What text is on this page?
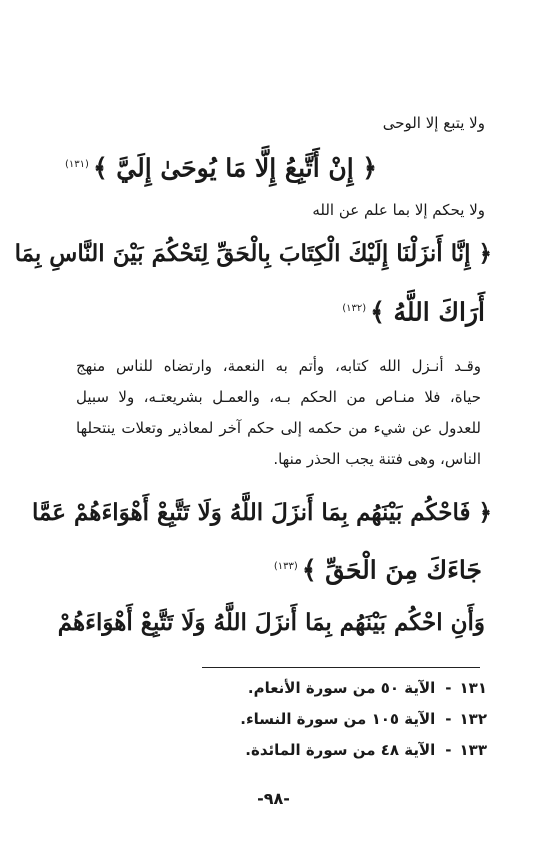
ولا يتبع إلا الوحى

﴿ إِنْ أَتَّبِعُ إِلَّا مَا يُوحَىٰ إِلَيَّ ﴾$^{(١٣١)}$

ولا يحكم إلا بما علم عن الله

﴿ إِنَّا أَنزَلْنَا إِلَيْكَ الْكِتَابَ بِالْحَقِّ لِتَحْكُمَ بَيْنَ النَّاسِ بِمَا

أَرَاكَ اللَّهُ ﴾$^{(١٣٢)}$

وقـد أنـزل الله كتابه، وأتم به النعمة، وارتضاه للناس منهج

حياة، فلا منـاص من الحكم بـه، والعمـل بشريعتـه، ولا سبيل

للعدول عن شيء من حكمه إلى حكم آخر لمعاذير وتعلات ينتحلها

الناس، وهى فتنة يجب الحذر منها.

﴿ فَاحْكُم بَيْنَهُم بِمَا أَنزَلَ اللَّهُ وَلَا تَتَّبِعْ أَهْوَاءَهُمْ عَمَّا

جَاءَكَ مِنَ الْحَقِّ ﴾$^{(١٣٣)}$

وَأَنِ احْكُم بَيْنَهُم بِمَا أَنزَلَ اللَّهُ وَلَا تَتَّبِعْ أَهْوَاءَهُمْ

١٣١-الآية ٥٠ من سورة الأنعام.

١٣٢-الآية ١٠٥ من سورة النساء.

١٣٣-الآية ٤٨ من سورة المائدة.

-٩٨-
